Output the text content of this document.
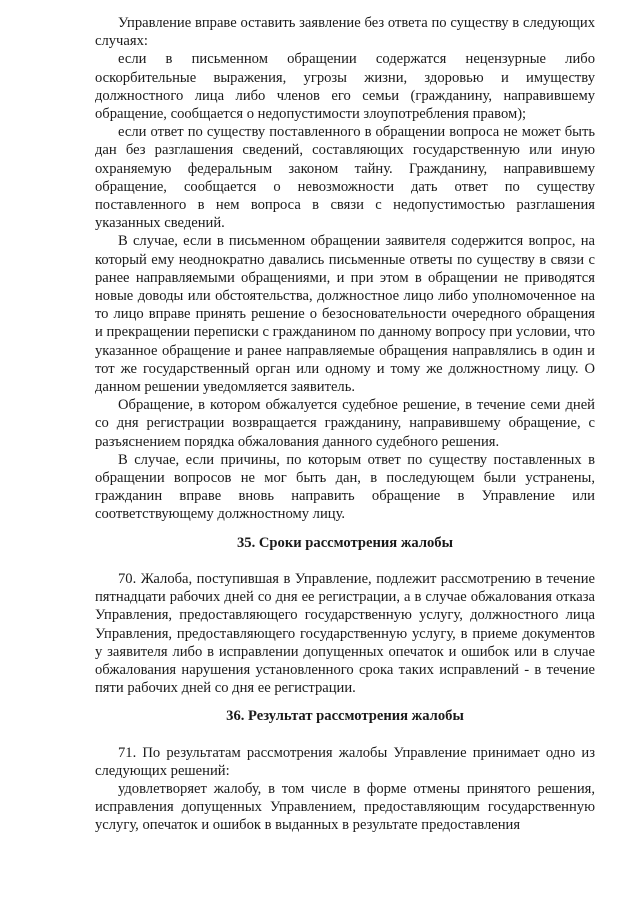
Управление вправе оставить заявление без ответа по существу в следующих случаях:

если в письменном обращении содержатся нецензурные либо оскорбительные выражения, угрозы жизни, здоровью и имуществу должностного лица либо членов его семьи (гражданину, направившему обращение, сообщается о недопустимости злоупотребления правом);

если ответ по существу поставленного в обращении вопроса не может быть дан без разглашения сведений, составляющих государственную или иную охраняемую федеральным законом тайну. Гражданину, направившему обращение, сообщается о невозможности дать ответ по существу поставленного в нем вопроса в связи с недопустимостью разглашения указанных сведений.

В случае, если в письменном обращении заявителя содержится вопрос, на который ему неоднократно давались письменные ответы по существу в связи с ранее направляемыми обращениями, и при этом в обращении не приводятся новые доводы или обстоятельства, должностное лицо либо уполномоченное на то лицо вправе принять решение о безосновательности очередного обращения и прекращении переписки с гражданином по данному вопросу при условии, что указанное обращение и ранее направляемые обращения направлялись в один и тот же государственный орган или одному и тому же должностному лицу. О данном решении уведомляется заявитель.

Обращение, в котором обжалуется судебное решение, в течение семи дней со дня регистрации возвращается гражданину, направившему обращение, с разъяснением порядка обжалования данного судебного решения.

В случае, если причины, по которым ответ по существу поставленных в обращении вопросов не мог быть дан, в последующем были устранены, гражданин вправе вновь направить обращение в Управление или соответствующему должностному лицу.

35. Сроки рассмотрения жалобы

70. Жалоба, поступившая в Управление, подлежит рассмотрению в течение пятнадцати рабочих дней со дня ее регистрации, а в случае обжалования отказа Управления, предоставляющего государственную услугу, должностного лица Управления, предоставляющего государственную услугу, в приеме документов у заявителя либо в исправлении допущенных опечаток и ошибок или в случае обжалования нарушения установленного срока таких исправлений - в течение пяти рабочих дней со дня ее регистрации.

36. Результат рассмотрения жалобы

71. По результатам рассмотрения жалобы Управление принимает одно из следующих решений:

удовлетворяет жалобу, в том числе в форме отмены принятого решения, исправления допущенных Управлением, предоставляющим государственную услугу, опечаток и ошибок в выданных в результате предоставления
